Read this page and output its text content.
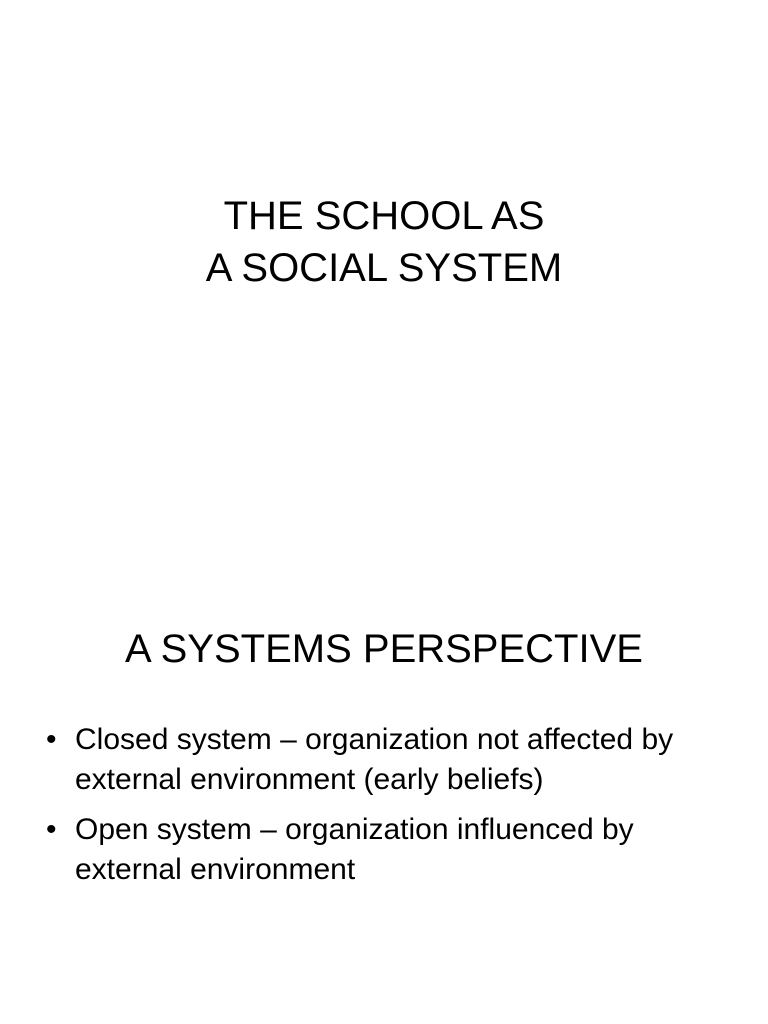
THE SCHOOL AS
A SOCIAL SYSTEM
A SYSTEMS PERSPECTIVE
• Closed system – organization not affected by external environment (early beliefs)
• Open system – organization influenced by external environment
